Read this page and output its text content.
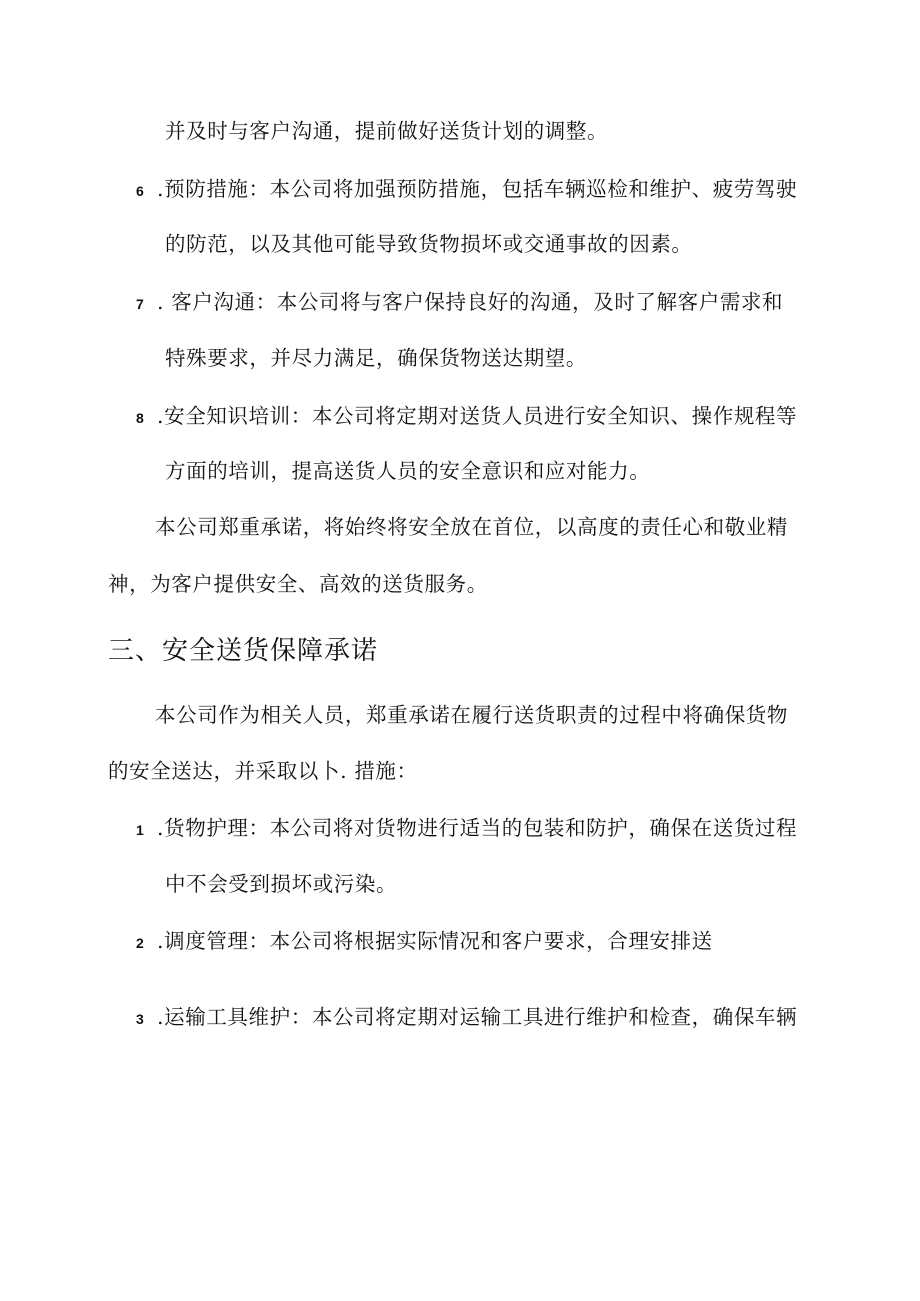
并及时与客户沟通，提前做好送货计划的调整。
6 .预防措施：本公司将加强预防措施，包括车辆巡检和维护、疲劳驾驶
的防范，以及其他可能导致货物损坏或交通事故的因素。
7 . 客户沟通：本公司将与客户保持良好的沟通，及时了解客户需求和
特殊要求，并尽力满足，确保货物送达期望。
8 .安全知识培训：本公司将定期对送货人员进行安全知识、操作规程等
方面的培训，提高送货人员的安全意识和应对能力。
本公司郑重承诺，将始终将安全放在首位，以高度的责任心和敬业精
神，为客户提供安全、高效的送货服务。
三、安全送货保障承诺
本公司作为相关人员，郑重承诺在履行送货职责的过程中将确保货物
的安全送达，并采取以卜. 措施：
1 .货物护理：本公司将对货物进行适当的包装和防护，确保在送货过程
中不会受到损坏或污染。
2 .调度管理：本公司将根据实际情况和客户要求，合理安排送
3 .运输工具维护：本公司将定期对运输工具进行维护和检查，确保车辆
